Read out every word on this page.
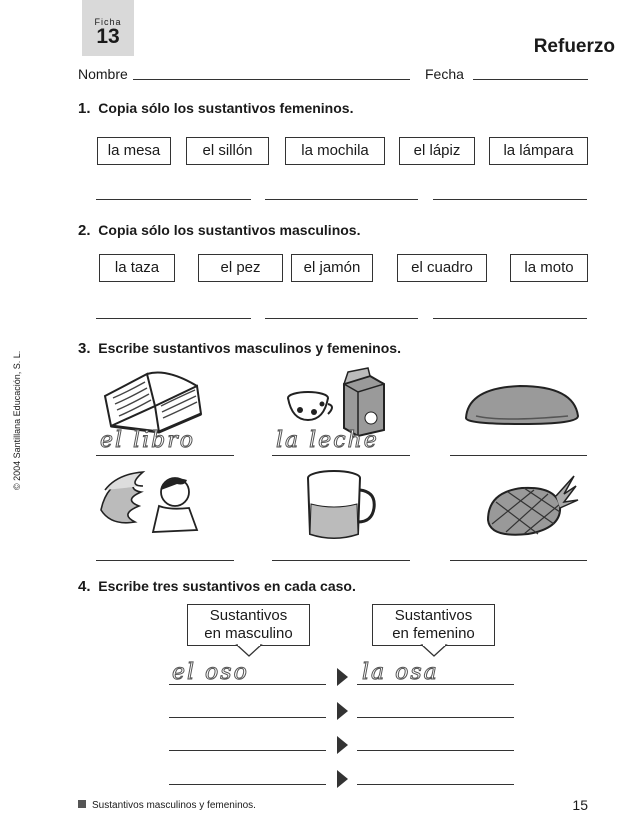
Ficha
13	Refuerzo
Nombre	Fecha
© 2004 Santillana Educación, S. L.
1. Copia sólo los sustantivos femeninos.
la mesa	el sillón	la mochila	el lápiz	la lámpara
2. Copia sólo los sustantivos masculinos.
la taza	el pez	el jamón	el cuadro	la moto
3. Escribe sustantivos masculinos y femeninos.
el libro	la leche
4. Escribe tres sustantivos en cada caso.
Sustantivos
en masculino
Sustantivos
en femenino
el oso	la osa
Sustantivos masculinos y femeninos.	15
